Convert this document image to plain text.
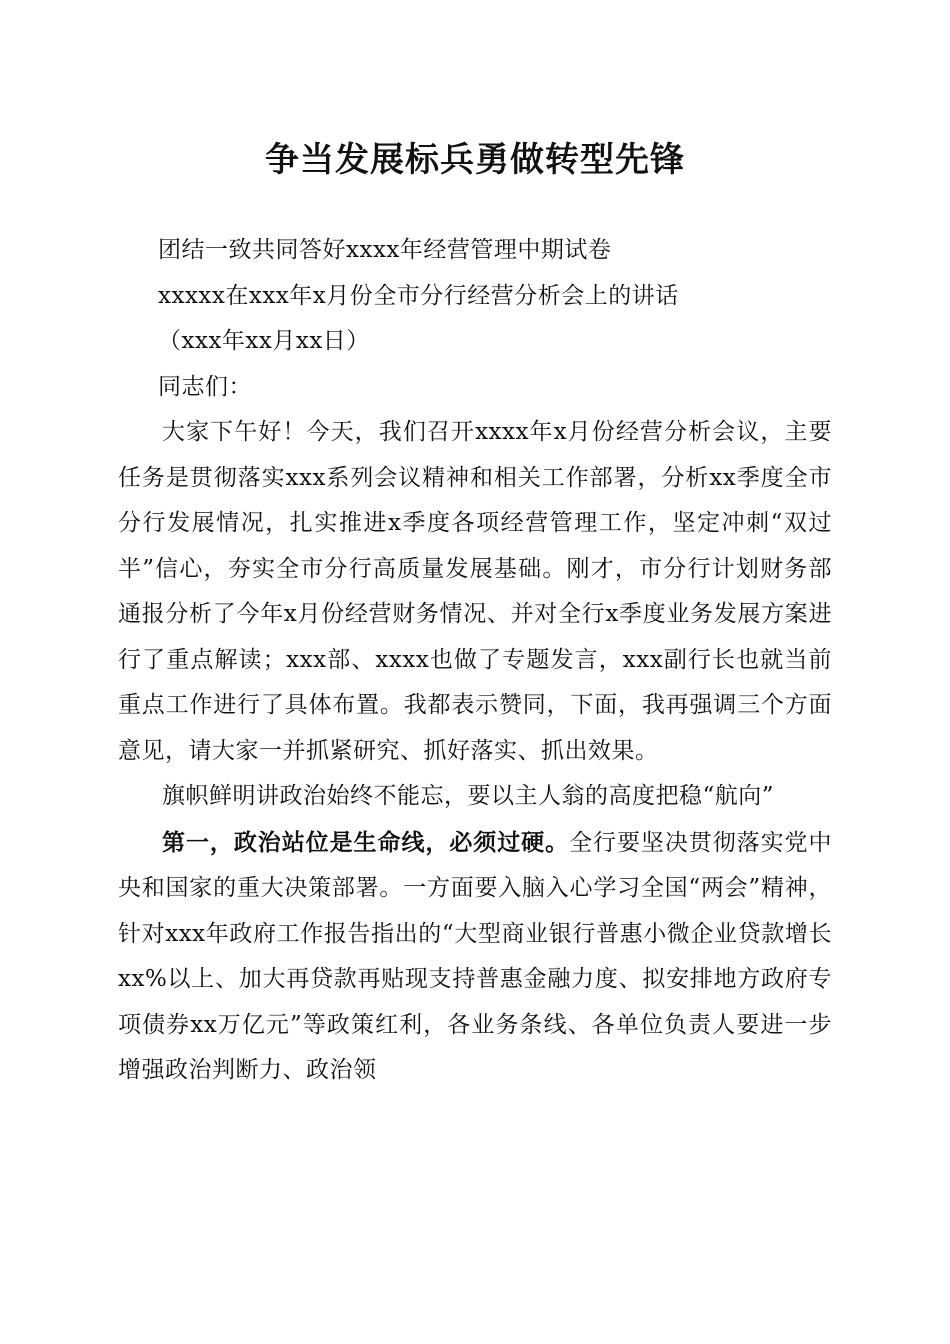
争当发展标兵勇做转型先锋

团结一致共同答好xxxx年经营管理中期试卷

xxxxx在xxx年x月份全市分行经营分析会上的讲话

（xxx年xx月xx日）

同志们：

大家下午好！今天，我们召开xxxx年x月份经营分析会议，主要任务是贯彻落实xxx系列会议精神和相关工作部署，分析xx季度全市分行发展情况，扎实推进x季度各项经营管理工作，坚定冲刺“双过半”信心，夯实全市分行高质量发展基础。刚才，市分行计划财务部通报分析了今年x月份经营财务情况、并对全行x季度业务发展方案进行了重点解读；xxx部、xxxx也做了专题发言，xxx副行长也就当前重点工作进行了具体布置。我都表示赞同，下面，我再强调三个方面意见，请大家一并抓紧研究、抓好落实、抓出效果。

旗帜鲜明讲政治始终不能忘，要以主人翁的高度把稳“航向”

第一，政治站位是生命线，必须过硬。全行要坚决贯彻落实党中央和国家的重大决策部署。一方面要入脑入心学习全国“两会”精神，针对xxx年政府工作报告指出的“大型商业银行普惠小微企业贷款增长xx%以上、加大再贷款再贴现支持普惠金融力度、拟安排地方政府专项债券xx万亿元”等政策红利，各业务条线、各单位负责人要进一步增强政治判断力、政治领
